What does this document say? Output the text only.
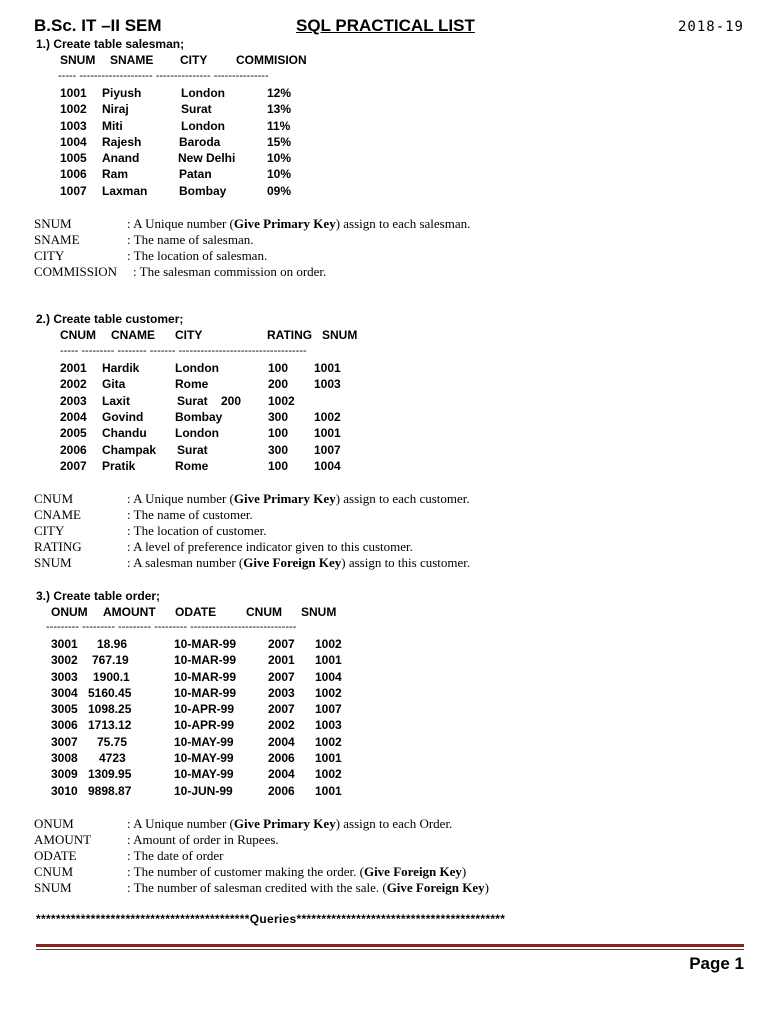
B.Sc. IT –II SEM	SQL PRACTICAL LIST	2018-19
1.) Create table salesman;
SNUM SNAME CITY COMMISION
----- -------------------- --------------- ---------------
1001 Piyush	London	12%
1002 Niraj	Surat	13%
1003 Miti	London	11%
1004 Rajesh	Baroda	15%
1005 Anand	New Delhi	10%
1006 Ram	Patan	10%
1007 Laxman	Bombay	09%
SNUM	: A Unique number (Give Primary Key) assign to each salesman.
SNAME	: The name of salesman.
CITY	: The location of salesman.
COMMISSION : The salesman commission on order.
2.) Create table customer;
CNUM CNAME CITY	RATING SNUM
----- --------- -------- ------- -----------------------------------
2001 Hardik	London	100 1001
2002 Gita	Rome	200 1003
2003 Laxit	Surat    200 1002
2004 Govind	Bombay	300 1002
2005 Chandu London	100 1001
2006 Champak Surat	300 1007
2007 Pratik	Rome	100 1004
CNUM	: A Unique number (Give Primary Key) assign to each customer.
CNAME	: The name of customer.
CITY	: The location of customer.
RATING	: A level of preference indicator given to this customer.
SNUM	: A salesman number (Give Foreign Key) assign to this customer.
3.) Create table order;
ONUM AMOUNT ODATE CNUM SNUM
--------- --------- --------- --------- -----------------------------
3001 18.96	10-MAR-99	2007 1002
3002 767.19	10-MAR-99	2001 1001
3003 1900.1	10-MAR-99	2007 1004
3004 5160.45	10-MAR-99	2003 1002
3005 1098.25	10-APR-99	2007 1007
3006 1713.12	10-APR-99	2002 1003
3007 75.75	10-MAY-99	2004 1002
3008 4723	10-MAY-99	2006 1001
3009 1309.95	10-MAY-99	2004 1002
3010 9898.87	10-JUN-99	2006 1001
ONUM	: A Unique number (Give Primary Key) assign to each Order.
AMOUNT	: Amount of order in Rupees.
ODATE	: The date of order
CNUM	: The number of customer making the order. (Give Foreign Key)
SNUM	: The number of salesman credited with the sale. (Give Foreign Key)
*******************************************Queries******************************************
Page 1
